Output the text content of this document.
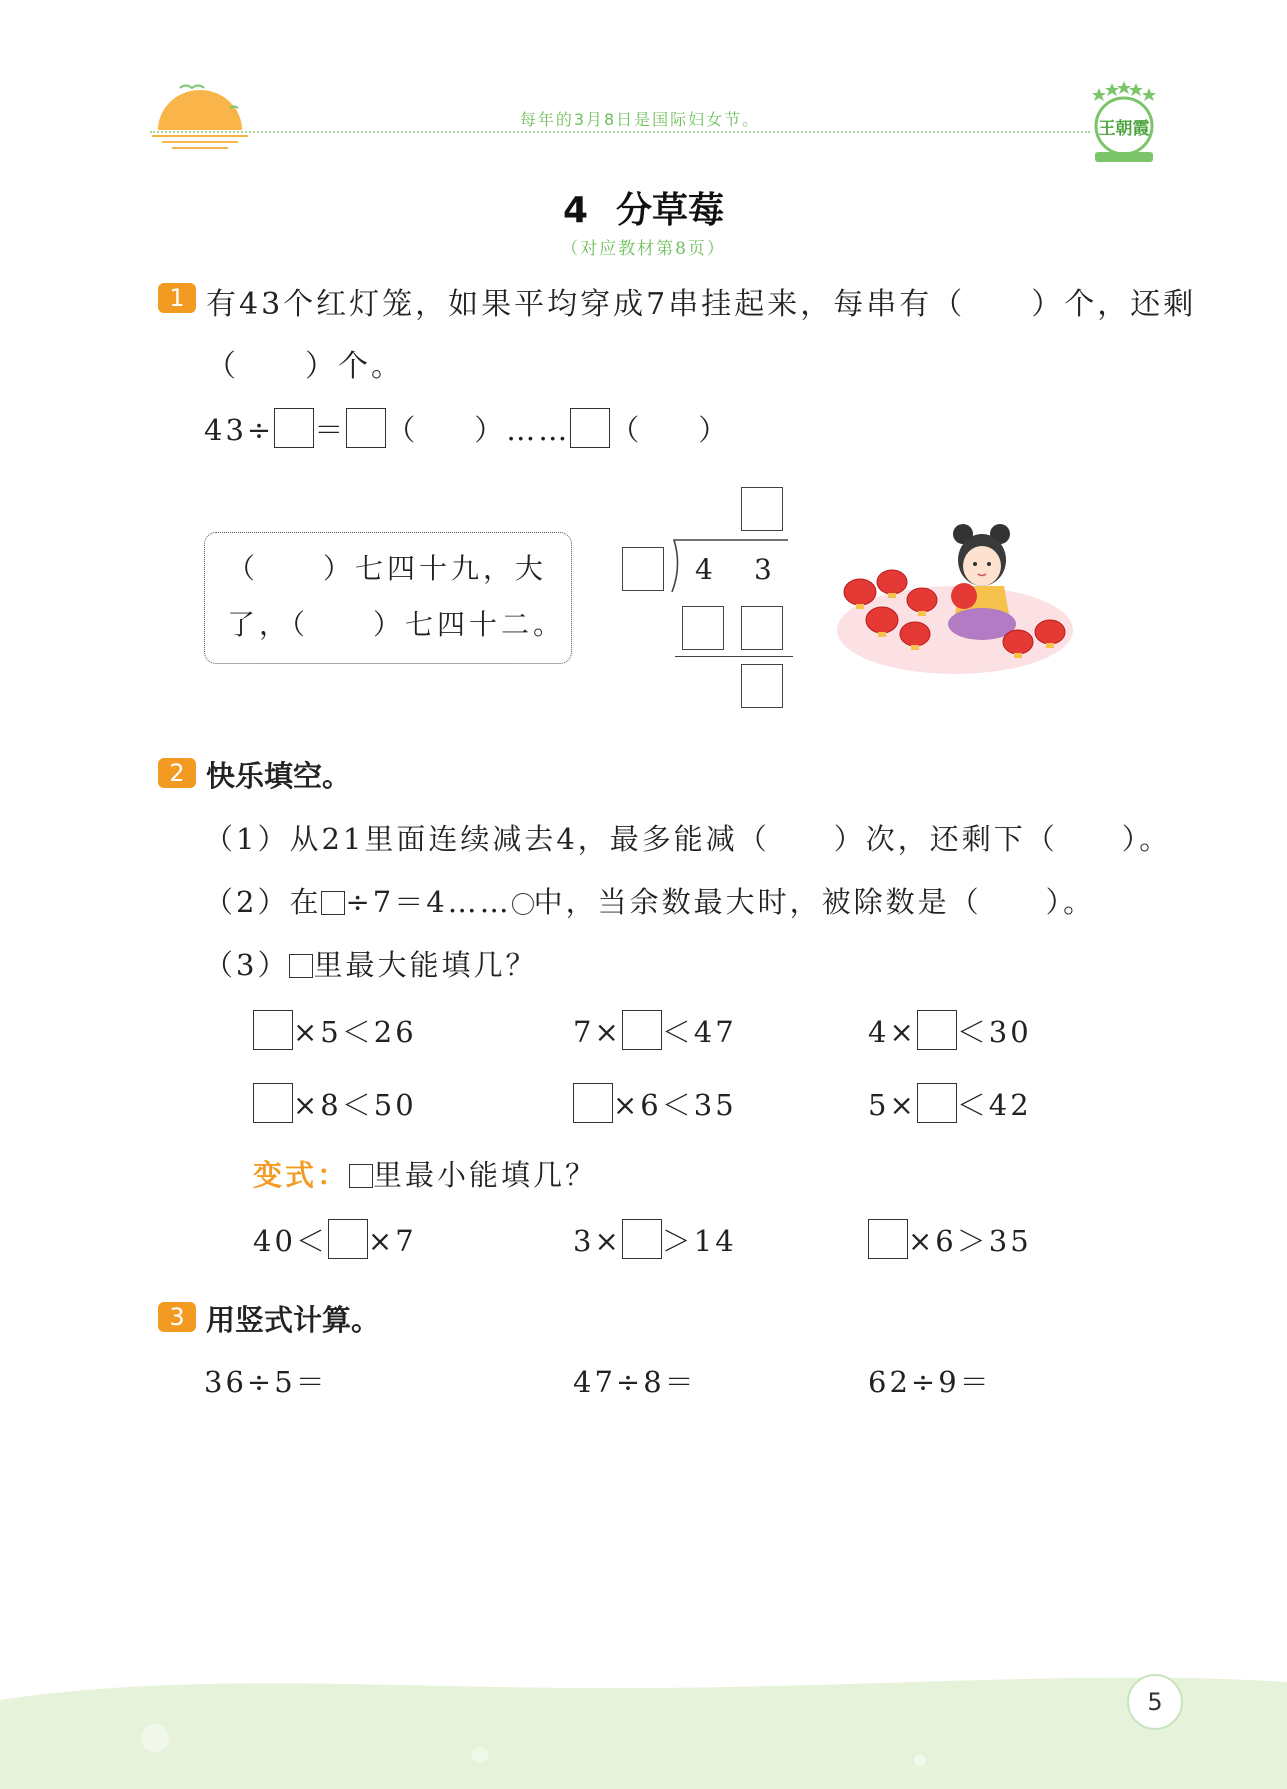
每年的3月8日是国际妇女节。	王朝霞
4 分草莓
（对应教材第8页）
1 有43个红灯笼，如果平均穿成7串挂起来，每串有（　　）个，还剩
（　　）个。
43÷ ＝ （ ）…… （ ）
（　　）七四十九，大
了，（　　）七四十二。
4 3
2 快乐填空。
（1）从21里面连续减去4，最多能减（　　）次，还剩下（　　）。
（2）在 ÷7＝4…… 中，当余数最大时，被除数是（　　）。
（3） 里最大能填几？
×5＜26	7× ＜47	4× ＜30
×8＜50	×6＜35	5× ＜42
变式： 里最小能填几？
40＜ ×7	3× ＞14	×6＞35
3 用竖式计算。
36÷5＝	47÷8＝	62÷9＝
5
